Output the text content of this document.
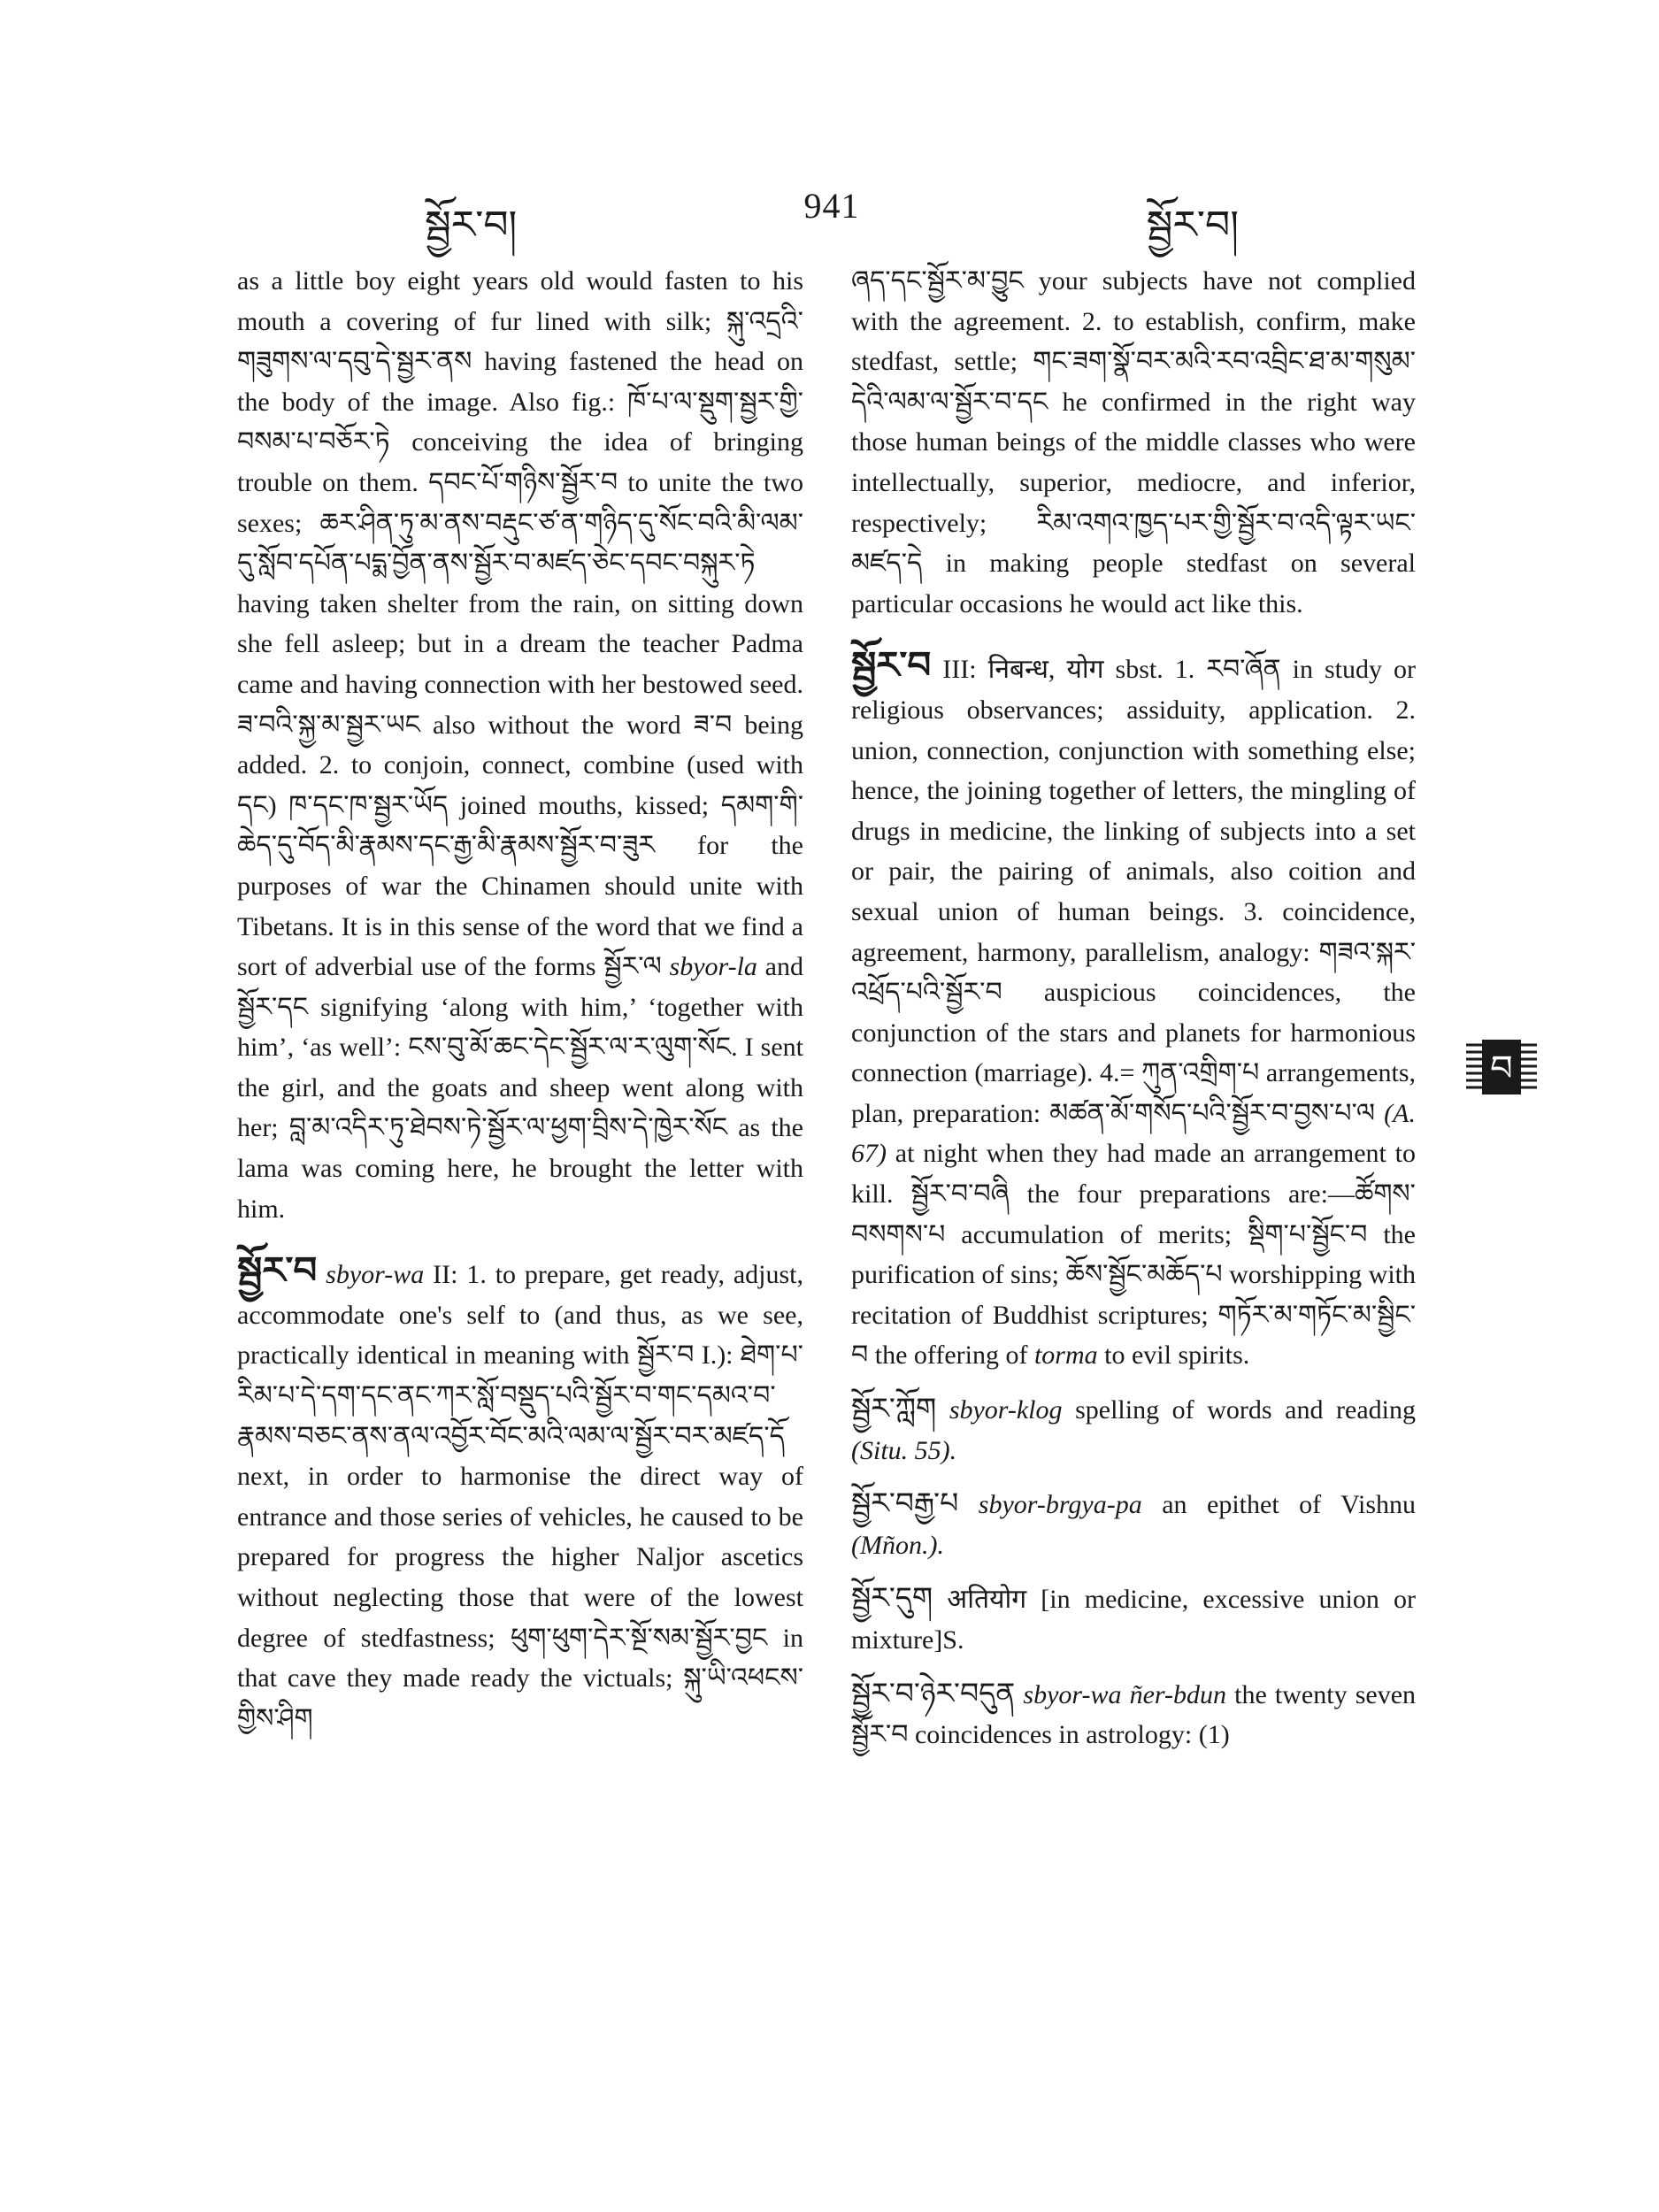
སྦྱོར་བ།	941	སྦྱོར་བ།

as a little boy eight years old would fasten to his mouth a covering of fur lined with silk; སྐུ་འདྲའི་གཟུགས་ལ་དབུ་དེ་སྦྱར་ནས having fastened the head on the body of the image. Also fig.: ཁོ་པ་ལ་སྡུག་སྦྱར་གྱི་བསམ་པ་བཅོར་ཏེ conceiving the idea of bringing trouble on them. དབང་པོ་གཉིས་སྦྱོར་བ to unite the two sexes; ཆར་ཤིན་ཏུ་མ་ནས་བརྡུང་ཙ་ན་གཉིད་དུ་སོང་བའི་མི་ལམ་དུ་སློབ་དཔོན་པདྨ་བྱོན་ནས་སྦྱོར་བ་མཛད་ཅེང་དབང་བསྐུར་ཏེ having taken shelter from the rain, on sitting down she fell asleep; but in a dream the teacher Padma came and having connection with her bestowed seed. ཟ་བའི་སྐྱ་མ་སྦྱར་ཡང also without the word ཟ་བ being added. 2. to conjoin, connect, combine (used with དང) ཁ་དང་ཁ་སྦྱར་ཡོད joined mouths, kissed; དམག་གི་ཆེད་དུ་བོད་མི་རྣམས་དང་རྒྱ་མི་རྣམས་སྦྱོར་བ་ཟུར for the purposes of war the Chinamen should unite with Tibetans. It is in this sense of the word that we find a sort of adverbial use of the forms སྦྱོར་ལ sbyor-la and སྦྱོར་དང signifying ‘along with him,’ ‘together with him’, ‘as well’: ངས་བུ་མོ་ཆང་དེང་སྦྱོར་ལ་ར་ལུག་སོང. I sent the girl, and the goats and sheep went along with her; བླ་མ་འདིར་ཏུ་ཐེབས་ཏེ་སྦྱོར་ལ་ཕྱག་བྲིས་དེ་ཁྱེར་སོང as the lama was coming here, he brought the letter with him.

སྦྱོར་བ sbyor-wa II: 1. to prepare, get ready, adjust, accommodate one's self to (and thus, as we see, practically identical in meaning with སྦྱོར་བ I.): ཐེག་པ་རིམ་པ་དེ་དག་དང་ནང་ཀར་སློ་བསྡུད་པའི་སྦྱོར་བ་གང་དམའ་བ་རྣམས་བཅང་ནས་ནལ་འབྱོར་བོང་མའི་ལམ་ལ་སྦྱོར་བར་མཛད་དོ next, in order to harmonise the direct way of entrance and those series of vehicles, he caused to be prepared for progress the higher Naljor ascetics without neglecting those that were of the lowest degree of stedfastness; ཕུག་ཕུག་དེར་སྔོ་སམ་སྦྱོར་བྱང in that cave they made ready the victuals; སྐུ་ཡི་འཕངས་གྱིས་ཤིག

ཞད་དང་སྦྱོར་མ་བྱུང your subjects have not complied with the agreement. 2. to establish, confirm, make stedfast, settle; གང་ཟག་སྣོ་བར་མའི་རབ་འབྲིང་ཐ་མ་གསུམ་དེའི་ལམ་ལ་སྦྱོར་བ་དང he confirmed in the right way those human beings of the middle classes who were intellectually, superior, mediocre, and inferior, respectively; རིམ་འགའ་ཁྱད་པར་གྱི་སྦྱོར་བ་འདི་ལྟར་ཡང་མཛད་དེ in making people stedfast on several particular occasions he would act like this.

སྦྱོར་བ III: निबन्ध, योग sbst. 1. རབ་ཞོན in study or religious observances; assiduity, application. 2. union, connection, conjunction with something else; hence, the joining together of letters, the mingling of drugs in medicine, the linking of subjects into a set or pair, the pairing of animals, also coition and sexual union of human beings. 3. coincidence, agreement, harmony, parallelism, analogy: གཟའ་སྐར་འཕྲོད་པའི་སྦྱོར་བ auspicious coincidences, the conjunction of the stars and planets for harmonious connection (marriage). 4.= ཀུན་འགྲིག་པ arrangements, plan, preparation: མཚན་མོ་གསོད་པའི་སྦྱོར་བ་བྱས་པ་ལ (A. 67) at night when they had made an arrangement to kill. སྦྱོར་བ་བཞི the four preparations are:—ཚོགས་བསགས་པ accumulation of merits; སྡིག་པ་སྦྱོང་བ the purification of sins; ཆོས་སྦྱོང་མཆོད་པ worshipping with recitation of Buddhist scriptures; གཏོར་མ་གཏོང་མ་སྦྱིང་བ the offering of torma to evil spirits.

སྦྱོར་ཀློག sbyor-klog spelling of words and reading (Situ. 55).

སྦྱོར་བརྒྱ་པ sbyor-brgya-pa an epithet of Vishnu (Mñon.).

སྦྱོར་དུག अतियोग [in medicine, excessive union or mixture]S.

སྦྱོར་བ་ཉེར་བདུན sbyor-wa ñer-bdun the twenty seven སྦྱོར་བ coincidences in astrology: (1)

བ
